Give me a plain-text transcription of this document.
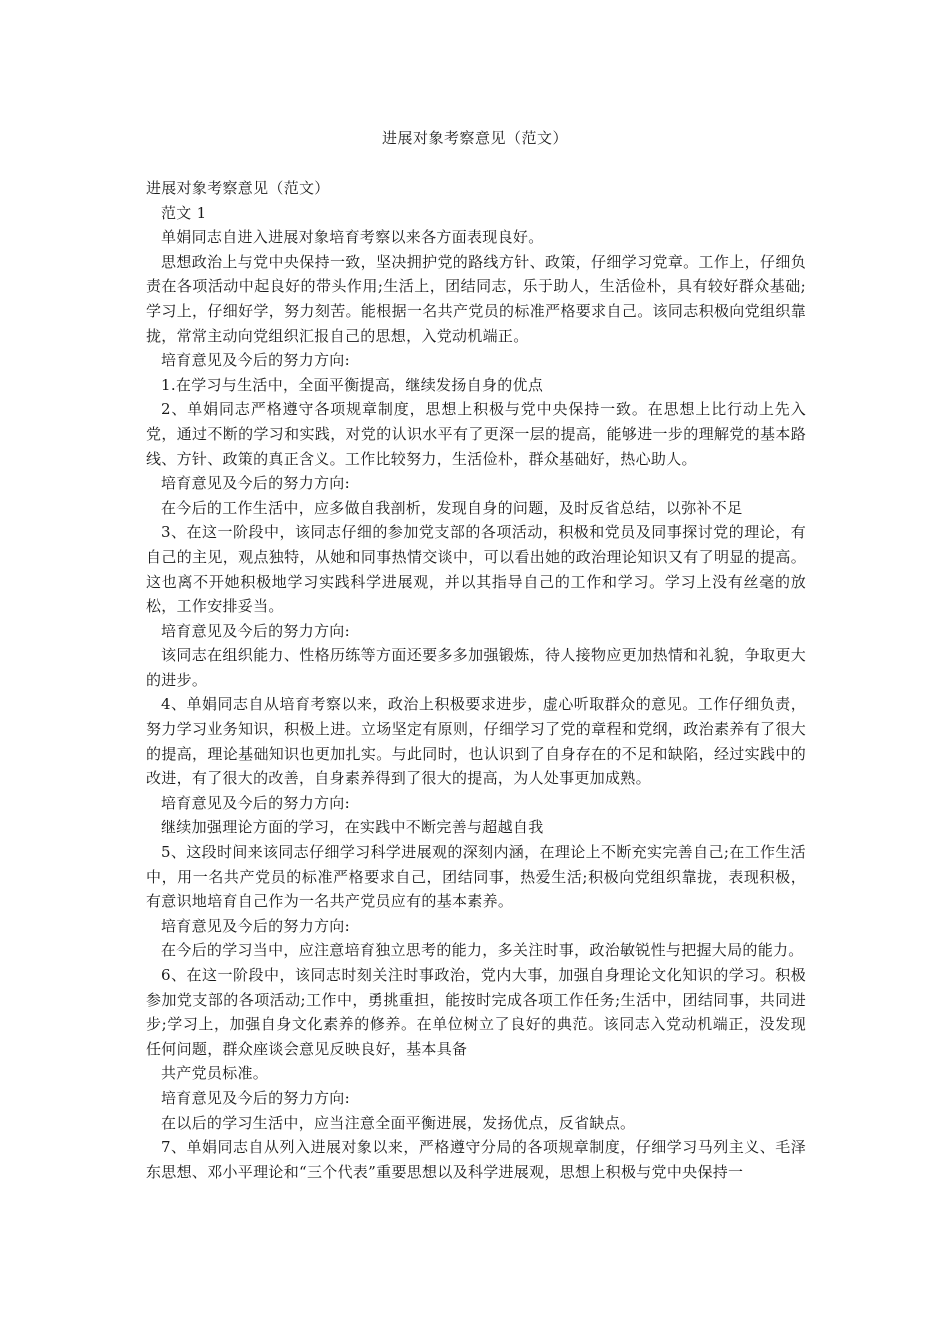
进展对象考察意见（范文）

进展对象考察意见（范文）

范文 1

单娟同志自进入进展对象培育考察以来各方面表现良好。

思想政治上与党中央保持一致，坚决拥护党的路线方针、政策，仔细学习党章。工作上，仔细负责在各项活动中起良好的带头作用;生活上，团结同志，乐于助人，生活俭朴，具有较好群众基础;学习上，仔细好学，努力刻苦。能根据一名共产党员的标准严格要求自己。该同志积极向党组织靠拢，常常主动向党组织汇报自己的思想，入党动机端正。

培育意见及今后的努力方向:

1.在学习与生活中，全面平衡提高，继续发扬自身的优点

2、单娟同志严格遵守各项规章制度，思想上积极与党中央保持一致。在思想上比行动上先入党，通过不断的学习和实践，对党的认识水平有了更深一层的提高，能够进一步的理解党的基本路线、方针、政策的真正含义。工作比较努力，生活俭朴，群众基础好，热心助人。

培育意见及今后的努力方向:

在今后的工作生活中，应多做自我剖析，发现自身的问题，及时反省总结，以弥补不足

3、在这一阶段中，该同志仔细的参加党支部的各项活动，积极和党员及同事探讨党的理论，有自己的主见，观点独特，从她和同事热情交谈中，可以看出她的政治理论知识又有了明显的提高。这也离不开她积极地学习实践科学进展观，并以其指导自己的工作和学习。学习上没有丝毫的放松，工作安排妥当。

培育意见及今后的努力方向:

该同志在组织能力、性格历练等方面还要多多加强锻炼，待人接物应更加热情和礼貌，争取更大的进步。

4、单娟同志自从培育考察以来，政治上积极要求进步，虚心听取群众的意见。工作仔细负责，努力学习业务知识，积极上进。立场坚定有原则，仔细学习了党的章程和党纲，政治素养有了很大的提高，理论基础知识也更加扎实。与此同时，也认识到了自身存在的不足和缺陷，经过实践中的改进，有了很大的改善，自身素养得到了很大的提高，为人处事更加成熟。

培育意见及今后的努力方向:

继续加强理论方面的学习，在实践中不断完善与超越自我

5、这段时间来该同志仔细学习科学进展观的深刻内涵，在理论上不断充实完善自己;在工作生活中，用一名共产党员的标准严格要求自己，团结同事，热爱生活;积极向党组织靠拢，表现积极，有意识地培育自己作为一名共产党员应有的基本素养。

培育意见及今后的努力方向:

在今后的学习当中，应注意培育独立思考的能力，多关注时事，政治敏锐性与把握大局的能力。

6、在这一阶段中，该同志时刻关注时事政治，党内大事，加强自身理论文化知识的学习。积极参加党支部的各项活动;工作中，勇挑重担，能按时完成各项工作任务;生活中，团结同事，共同进步;学习上，加强自身文化素养的修养。在单位树立了良好的典范。该同志入党动机端正，没发现任何问题，群众座谈会意见反映良好，基本具备

共产党员标准。

培育意见及今后的努力方向:

在以后的学习生活中，应当注意全面平衡进展，发扬优点，反省缺点。

7、单娟同志自从列入进展对象以来，严格遵守分局的各项规章制度，仔细学习马列主义、毛泽东思想、邓小平理论和“三个代表”重要思想以及科学进展观，思想上积极与党中央保持一
